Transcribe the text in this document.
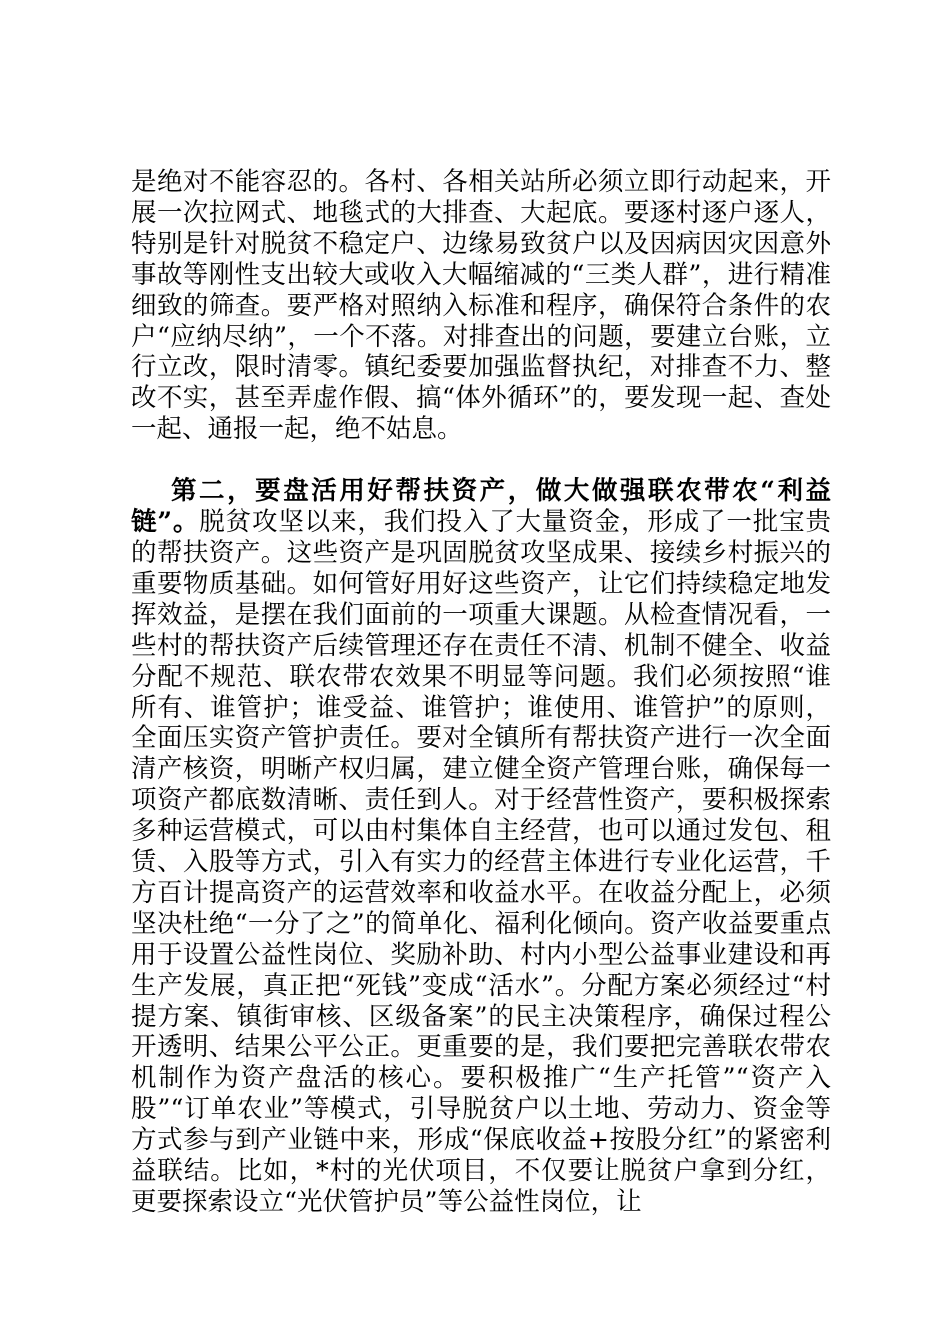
是绝对不能容忍的。各村、各相关站所必须立即行动起来，开展一次拉网式、地毯式的大排查、大起底。要逐村逐户逐人，特别是针对脱贫不稳定户、边缘易致贫户以及因病因灾因意外事故等刚性支出较大或收入大幅缩减的“三类人群”，进行精准细致的筛查。要严格对照纳入标准和程序，确保符合条件的农户“应纳尽纳”，一个不落。对排查出的问题，要建立台账，立行立改，限时清零。镇纪委要加强监督执纪，对排查不力、整改不实，甚至弄虚作假、搞“体外循环”的，要发现一起、查处一起、通报一起，绝不姑息。

第二，要盘活用好帮扶资产，做大做强联农带农“利益链”。脱贫攻坚以来，我们投入了大量资金，形成了一批宝贵的帮扶资产。这些资产是巩固脱贫攻坚成果、接续乡村振兴的重要物质基础。如何管好用好这些资产，让它们持续稳定地发挥效益，是摆在我们面前的一项重大课题。从检查情况看，一些村的帮扶资产后续管理还存在责任不清、机制不健全、收益分配不规范、联农带农效果不明显等问题。我们必须按照“谁所有、谁管护；谁受益、谁管护；谁使用、谁管护”的原则，全面压实资产管护责任。要对全镇所有帮扶资产进行一次全面清产核资，明晰产权归属，建立健全资产管理台账，确保每一项资产都底数清晰、责任到人。对于经营性资产，要积极探索多种运营模式，可以由村集体自主经营，也可以通过发包、租赁、入股等方式，引入有实力的经营主体进行专业化运营，千方百计提高资产的运营效率和收益水平。在收益分配上，必须坚决杜绝“一分了之”的简单化、福利化倾向。资产收益要重点用于设置公益性岗位、奖励补助、村内小型公益事业建设和再生产发展，真正把“死钱”变成“活水”。分配方案必须经过“村提方案、镇街审核、区级备案”的民主决策程序，确保过程公开透明、结果公平公正。更重要的是，我们要把完善联农带农机制作为资产盘活的核心。要积极推广“生产托管”“资产入股”“订单农业”等模式，引导脱贫户以土地、劳动力、资金等方式参与到产业链中来，形成“保底收益+按股分红”的紧密利益联结。比如，*村的光伏项目，不仅要让脱贫户拿到分红，更要探索设立“光伏管护员”等公益性岗位，让
